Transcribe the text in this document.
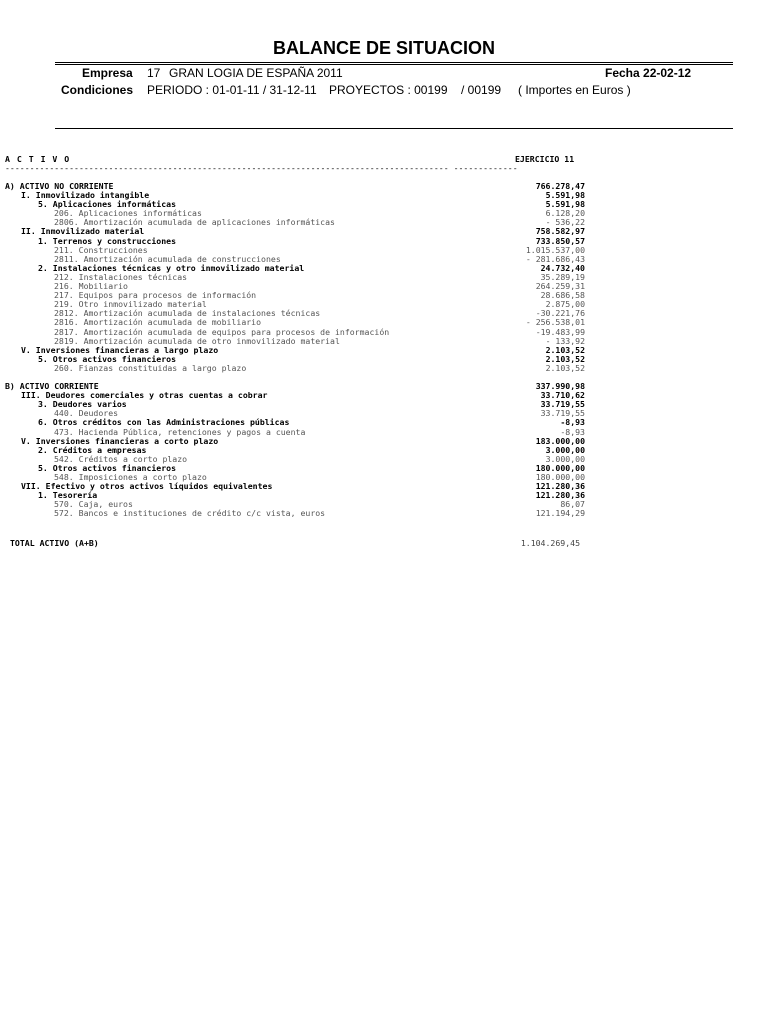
BALANCE DE SITUACION
Empresa 17 GRAN LOGIA DE ESPAÑA 2011	Fecha 22-02-12
Condiciones PERIODO : 01-01-11 / 31-12-11 PROYECTOS : 00199 / 00199 ( Importes en Euros )
A C T I V O	EJERCICIO 11
------------------------------------------------------------------------------------------ -------------
A) ACTIVO NO CORRIENTE	766.278,47
I. Inmovilizado intangible	5.591,98
5. Aplicaciones informáticas	5.591,98
206. Aplicaciones informáticas	6.128,20
2806. Amortización acumulada de aplicaciones informáticas	- 536,22
II. Inmovilizado material	758.582,97
1. Terrenos y construcciones	733.850,57
211. Construcciones	1.015.537,00
2811. Amortización acumulada de construcciones	- 281.686,43
2. Instalaciones técnicas y otro inmovilizado material	24.732,40
212. Instalaciones técnicas	35.289,19
216. Mobiliario	264.259,31
217. Equipos para procesos de información	28.686,58
219. Otro inmovilizado material	2.875,00
2812. Amortización acumulada de instalaciones técnicas	-30.221,76
2816. Amortización acumulada de mobiliario	- 256.538,01
2817. Amortización acumulada de equipos para procesos de información	-19.483,99
2819. Amortización acumulada de otro inmovilizado material	- 133,92
V. Inversiones financieras a largo plazo	2.103,52
5. Otros activos financieros	2.103,52
260. Fianzas constituidas a largo plazo	2.103,52
B) ACTIVO CORRIENTE	337.990,98
III. Deudores comerciales y otras cuentas a cobrar	33.710,62
3. Deudores varios	33.719,55
440. Deudores	33.719,55
6. Otros créditos con las Administraciones públicas	-8,93
473. Hacienda Pública, retenciones y pagos a cuenta	-8,93
V. Inversiones financieras a corto plazo	183.000,00
2. Créditos a empresas	3.000,00
542. Créditos a corto plazo	3.000,00
5. Otros activos financieros	180.000,00
548. Imposiciones a corto plazo	180.000,00
VII. Efectivo y otros activos líquidos equivalentes	121.280,36
1. Tesorería	121.280,36
570. Caja, euros	86,07
572. Bancos e instituciones de crédito c/c vista, euros	121.194,29
TOTAL ACTIVO (A+B)	1.104.269,45
